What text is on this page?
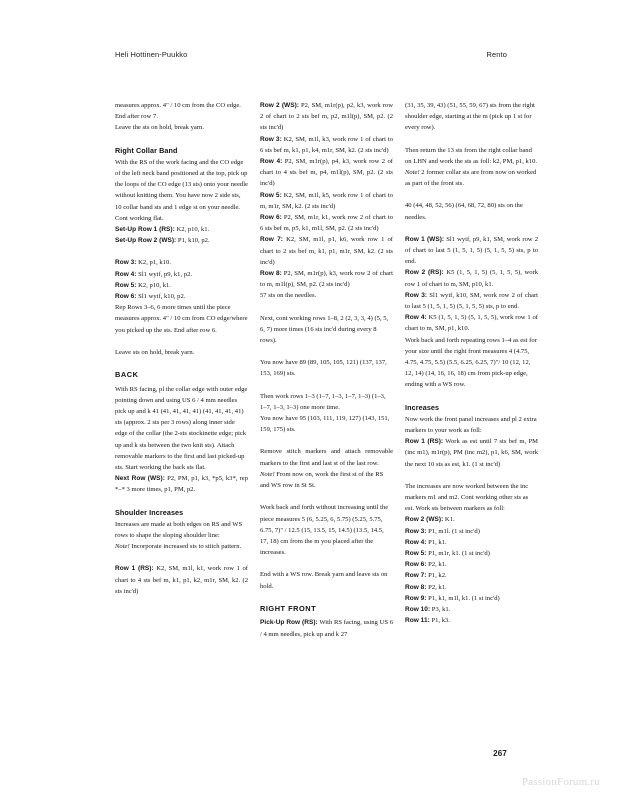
Heli Hottinen-Puukko	Rento

measures approx. 4" / 10 cm from the CO edge. End after row 7.

Leave the sts on hold, break yarn.

Right Collar Band

With the RS of the work facing and the CO edge of the left neck band positioned at the top, pick up the loops of the CO edge (13 sts) onto your needle without knitting them. You have now 2 side sts, 10 collar band sts and 1 edge st on your needle. Cont working flat.

Set-Up Row 1 (RS): K2, p10, k1.

Set-Up Row 2 (WS): P1, k10, p2.

Row 3: K2, p1, k10.

Row 4: Sl1 wyif, p9, k1, p2.

Row 5: K2, p10, k1.

Row 6: Sl1 wyif, k10, p2.

Rep Rows 3–6, 6 more times until the piece measures approx. 4" / 10 cm from CO edge/where you picked up the sts. End after row 6.

Leave sts on hold, break yarn.

BACK

With RS facing, pl the collar edge with outer edge pointing down and using US 6 / 4 mm needles pick up and k 41 (41, 41, 41, 41) (41, 41, 41, 41) sts (approx. 2 sts per 3 rows) along inner side edge of the collar (the 2-sts stockinette edge; pick up and k sts between the two knit sts). Attach removable markers to the first and last picked-up sts. Start working the back sts flat.

Next Row (WS): P2, PM, p1, k3, *p5, k3*, rep *–* 3 more times, p1, PM, p2.

Shoulder Increases

Increases are made at both edges on RS and WS rows to shape the sloping shoulder line:

Note! Incorporate increased sts to stitch pattern.

Row 1 (RS): K2, SM, m1l, k1, work row 1 of chart to 4 sts bef m, k1, p1, k2, m1r, SM, k2. (2 sts inc'd)

Row 2 (WS): P2, SM, m1r(p), p2, k3, work row 2 of chart to 2 sts bef m, p2, m1l(p), SM, p2. (2 sts inc'd)

Row 3: K2, SM, m1l, k3, work row 1 of chart to 6 sts bef m, k1, p1, k4, m1r, SM, k2. (2 sts inc'd)

Row 4: P2, SM, m1r(p), p4, k3, work row 2 of chart to 4 sts bef m, p4, m1l(p), SM, p2. (2 sts inc'd)

Row 5: K2, SM, m1l, k5, work row 1 of chart to m, m1r, SM, k2. (2 sts inc'd)

Row 6: P2, SM, m1r, k1, work row 2 of chart to 6 sts bef m, p5, k1, m1l, SM, p2. (2 sts inc'd)

Row 7: K2, SM, m1l, p1, k6, work row 1 of chart to 2 sts bef m, k1, p1, m1r, SM, k2. (2 sts inc'd)

Row 8: P2, SM, m1r(p), k3, work row 2 of chart to m, m1l(p), SM, p2. (2 sts inc'd)

57 sts on the needles.

Next, cont working rows 1–8, 2 (2, 3, 3, 4) (5, 5, 6, 7) more times (16 sts inc'd during every 8 rows).

You now have 89 (89, 105, 105, 121) (137, 137, 153, 169) sts.

Then work rows 1–3 (1–7, 1–3, 1–7, 1–3) (1–3, 1–7, 1–3, 1–3) one more time.

You now have 95 (103, 111, 119, 127) (143, 151, 159, 175) sts.

Remove stitch markers and attach removable markers to the first and last st of the last row.

Note! From now on, work the first st of the RS and WS row in St St.

Work back and forth without increasing until the piece measures 5 (6, 5.25, 6, 5.75) (5.25, 5.75, 6.75, 7)" / 12.5 (15, 13.5, 15, 14.5) (13.5, 14.5, 17, 18) cm from the m you placed after the increases.

End with a WS row. Break yarn and leave sts on hold.

RIGHT FRONT

Pick-Up Row (RS): With RS facing, using US 6 / 4 mm needles, pick up and k 27

(31, 35, 39, 43) (51, 55, 59, 67) sts from the right shoulder edge, starting at the m (pick up 1 st for every row).

Then return the 13 sts from the right collar band on LHN and work the sts as foll: k2, PM, p1, k10.

Note! 2 former collar sts are from now on worked as part of the front sts.

40 (44, 48, 52, 56) (64, 68, 72, 80) sts on the needles.

Row 1 (WS): Sl1 wyif, p9, k1, SM, work row 2 of chart to last 5 (1, 5, 1, 5) (5, 1, 5, 5) sts, p to end.

Row 2 (RS): K5 (1, 5, 1, 5) (5, 1, 5, 5), work row 1 of chart to m, SM, p10, k1.

Row 3: Sl1 wyif, k10, SM, work row 2 of chart to last 5 (1, 5, 1, 5) (5, 1, 5, 5) sts, p to end.

Row 4: K5 (1, 5, 1, 5) (5, 1, 5, 5), work row 1 of chart to m, SM, p1, k10.

Work back and forth repeating rows 1–4 as est for your size until the right front measures 4 (4.75, 4.75, 4.75, 5.5) (5.5, 6.25, 6.25, 7)"/ 10 (12, 12, 12, 14) (14, 16, 16, 18) cm from pick-up edge, ending with a WS row.

Increases

Now work the front panel increases and pl 2 extra markers to your work as foll:

Row 1 (RS): Work as est until 7 sts bef m, PM (inc m1), m1r(p), PM (inc m2), p1, k6, SM, work the next 10 sts as est, k1. (1 st inc'd)

The increases are now worked between the inc markers m1 and m2. Cont working other sts as est. Work sts between markers as foll:

Row 2 (WS): K1.

Row 3: P1, m1l. (1 st inc'd)

Row 4: P1, k1.

Row 5: P1, m1r, k1. (1 st inc'd)

Row 6: P2, k1.

Row 7: P1, k2.

Row 8: P2, k1.

Row 9: P1, k1, m1l, k1. (1 st inc'd)

Row 10: P3, k1.

Row 11: P1, k3.

267
PassionForum.ru
